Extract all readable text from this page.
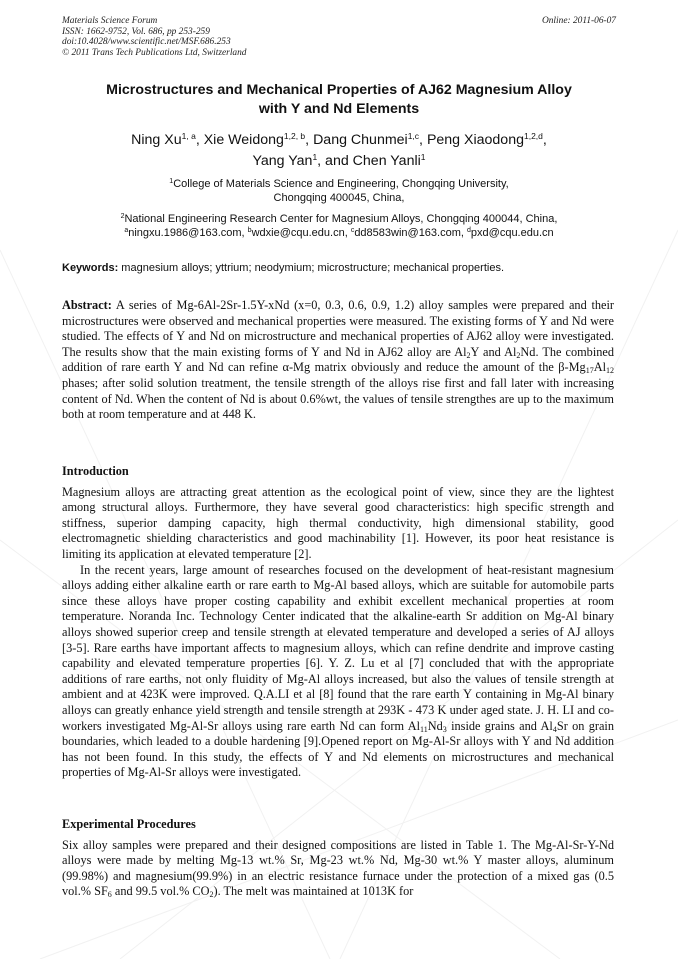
Materials Science Forum
ISSN: 1662-9752, Vol. 686, pp 253-259
doi:10.4028/www.scientific.net/MSF.686.253
© 2011 Trans Tech Publications Ltd, Switzerland
Online: 2011-06-07
Microstructures and Mechanical Properties of AJ62 Magnesium Alloy
with Y and Nd Elements
Ning Xu$^{1, a}$, Xie Weidong$^{1,2, b}$, Dang Chunmei$^{1,c}$, Peng Xiaodong$^{1,2,d}$,
Yang Yan$^1$, and Chen Yanli$^1$
$^1$College of Materials Science and Engineering, Chongqing University,
Chongqing 400045, China,
$^2$National Engineering Research Center for Magnesium Alloys, Chongqing 400044, China,
$^a$ningxu.1986@163.com, $^b$wdxie@cqu.edu.cn, $^c$dd8583win@163.com, $^d$pxd@cqu.edu.cn
Keywords: magnesium alloys; yttrium; neodymium; microstructure; mechanical properties.

Abstract: A series of Mg-6Al-2Sr-1.5Y-xNd (x=0, 0.3, 0.6, 0.9, 1.2) alloy samples were prepared and their microstructures were observed and mechanical properties were measured. The existing forms of Y and Nd were studied. The effects of Y and Nd on microstructure and mechanical properties of AJ62 alloy were investigated. The results show that the main existing forms of Y and Nd in AJ62 alloy are $Al_2Y$ and $Al_2Nd$. The combined addition of rare earth Y and Nd can refine α-Mg matrix obviously and reduce the amount of the $\beta-Mg_{17}Al_{12}$ phases; after solid solution treatment, the tensile strength of the alloys rise first and fall later with increasing content of Nd. When the content of Nd is about 0.6%wt, the values of tensile strengthes are up to the maximum both at room temperature and at 448 K.

Introduction

Magnesium alloys are attracting great attention as the ecological point of view, since they are the lightest among structural alloys. Furthermore, they have several good characteristics: high specific strength and stiffness, superior damping capacity, high thermal conductivity, high dimensional stability, good electromagnetic shielding characteristics and good machinability [1]. However, its poor heat resistance is limiting its application at elevated temperature [2].

In the recent years, large amount of researches focused on the development of heat-resistant magnesium alloys adding either alkaline earth or rare earth to Mg-Al based alloys, which are suitable for automobile parts since these alloys have proper costing capability and exhibit excellent mechanical properties at room temperature. Noranda Inc. Technology Center indicated that the alkaline-earth Sr addition on Mg-Al binary alloys showed superior creep and tensile strength at elevated temperature and developed a series of AJ alloys [3-5]. Rare earths have important affects to magnesium alloys, which can refine dendrite and improve casting capability and elevated temperature properties [6]. Y. Z. Lu et al [7] concluded that with the appropriate additions of rare earths, not only fluidity of Mg-Al alloys increased, but also the values of tensile strength at ambient and at 423K were improved. Q.A.LI et al [8] found that the rare earth Y containing in Mg-Al binary alloys can greatly enhance yield strength and tensile strength at 293K - 473 K under aged state. J. H. LI and co-workers investigated Mg-Al-Sr alloys using rare earth Nd can form $Al_{11}Nd_3$ inside grains and $Al_4Sr$ on grain boundaries, which leaded to a double hardening [9].Opened report on Mg-Al-Sr alloys with Y and Nd addition has not been found. In this study, the effects of Y and Nd elements on microstructures and mechanical properties of Mg-Al-Sr alloys were investigated.

Experimental Procedures

Six alloy samples were prepared and their designed compositions are listed in Table 1. The Mg-Al-Sr-Y-Nd alloys were made by melting Mg-13 wt.% Sr, Mg-23 wt.% Nd, Mg-30 wt.% Y master alloys, aluminum (99.98%) and magnesium(99.9%) in an electric resistance furnace under the protection of a mixed gas (0.5 vol.% $SF_6$ and 99.5 vol.% $CO_2$). The melt was maintained at 1013K for
